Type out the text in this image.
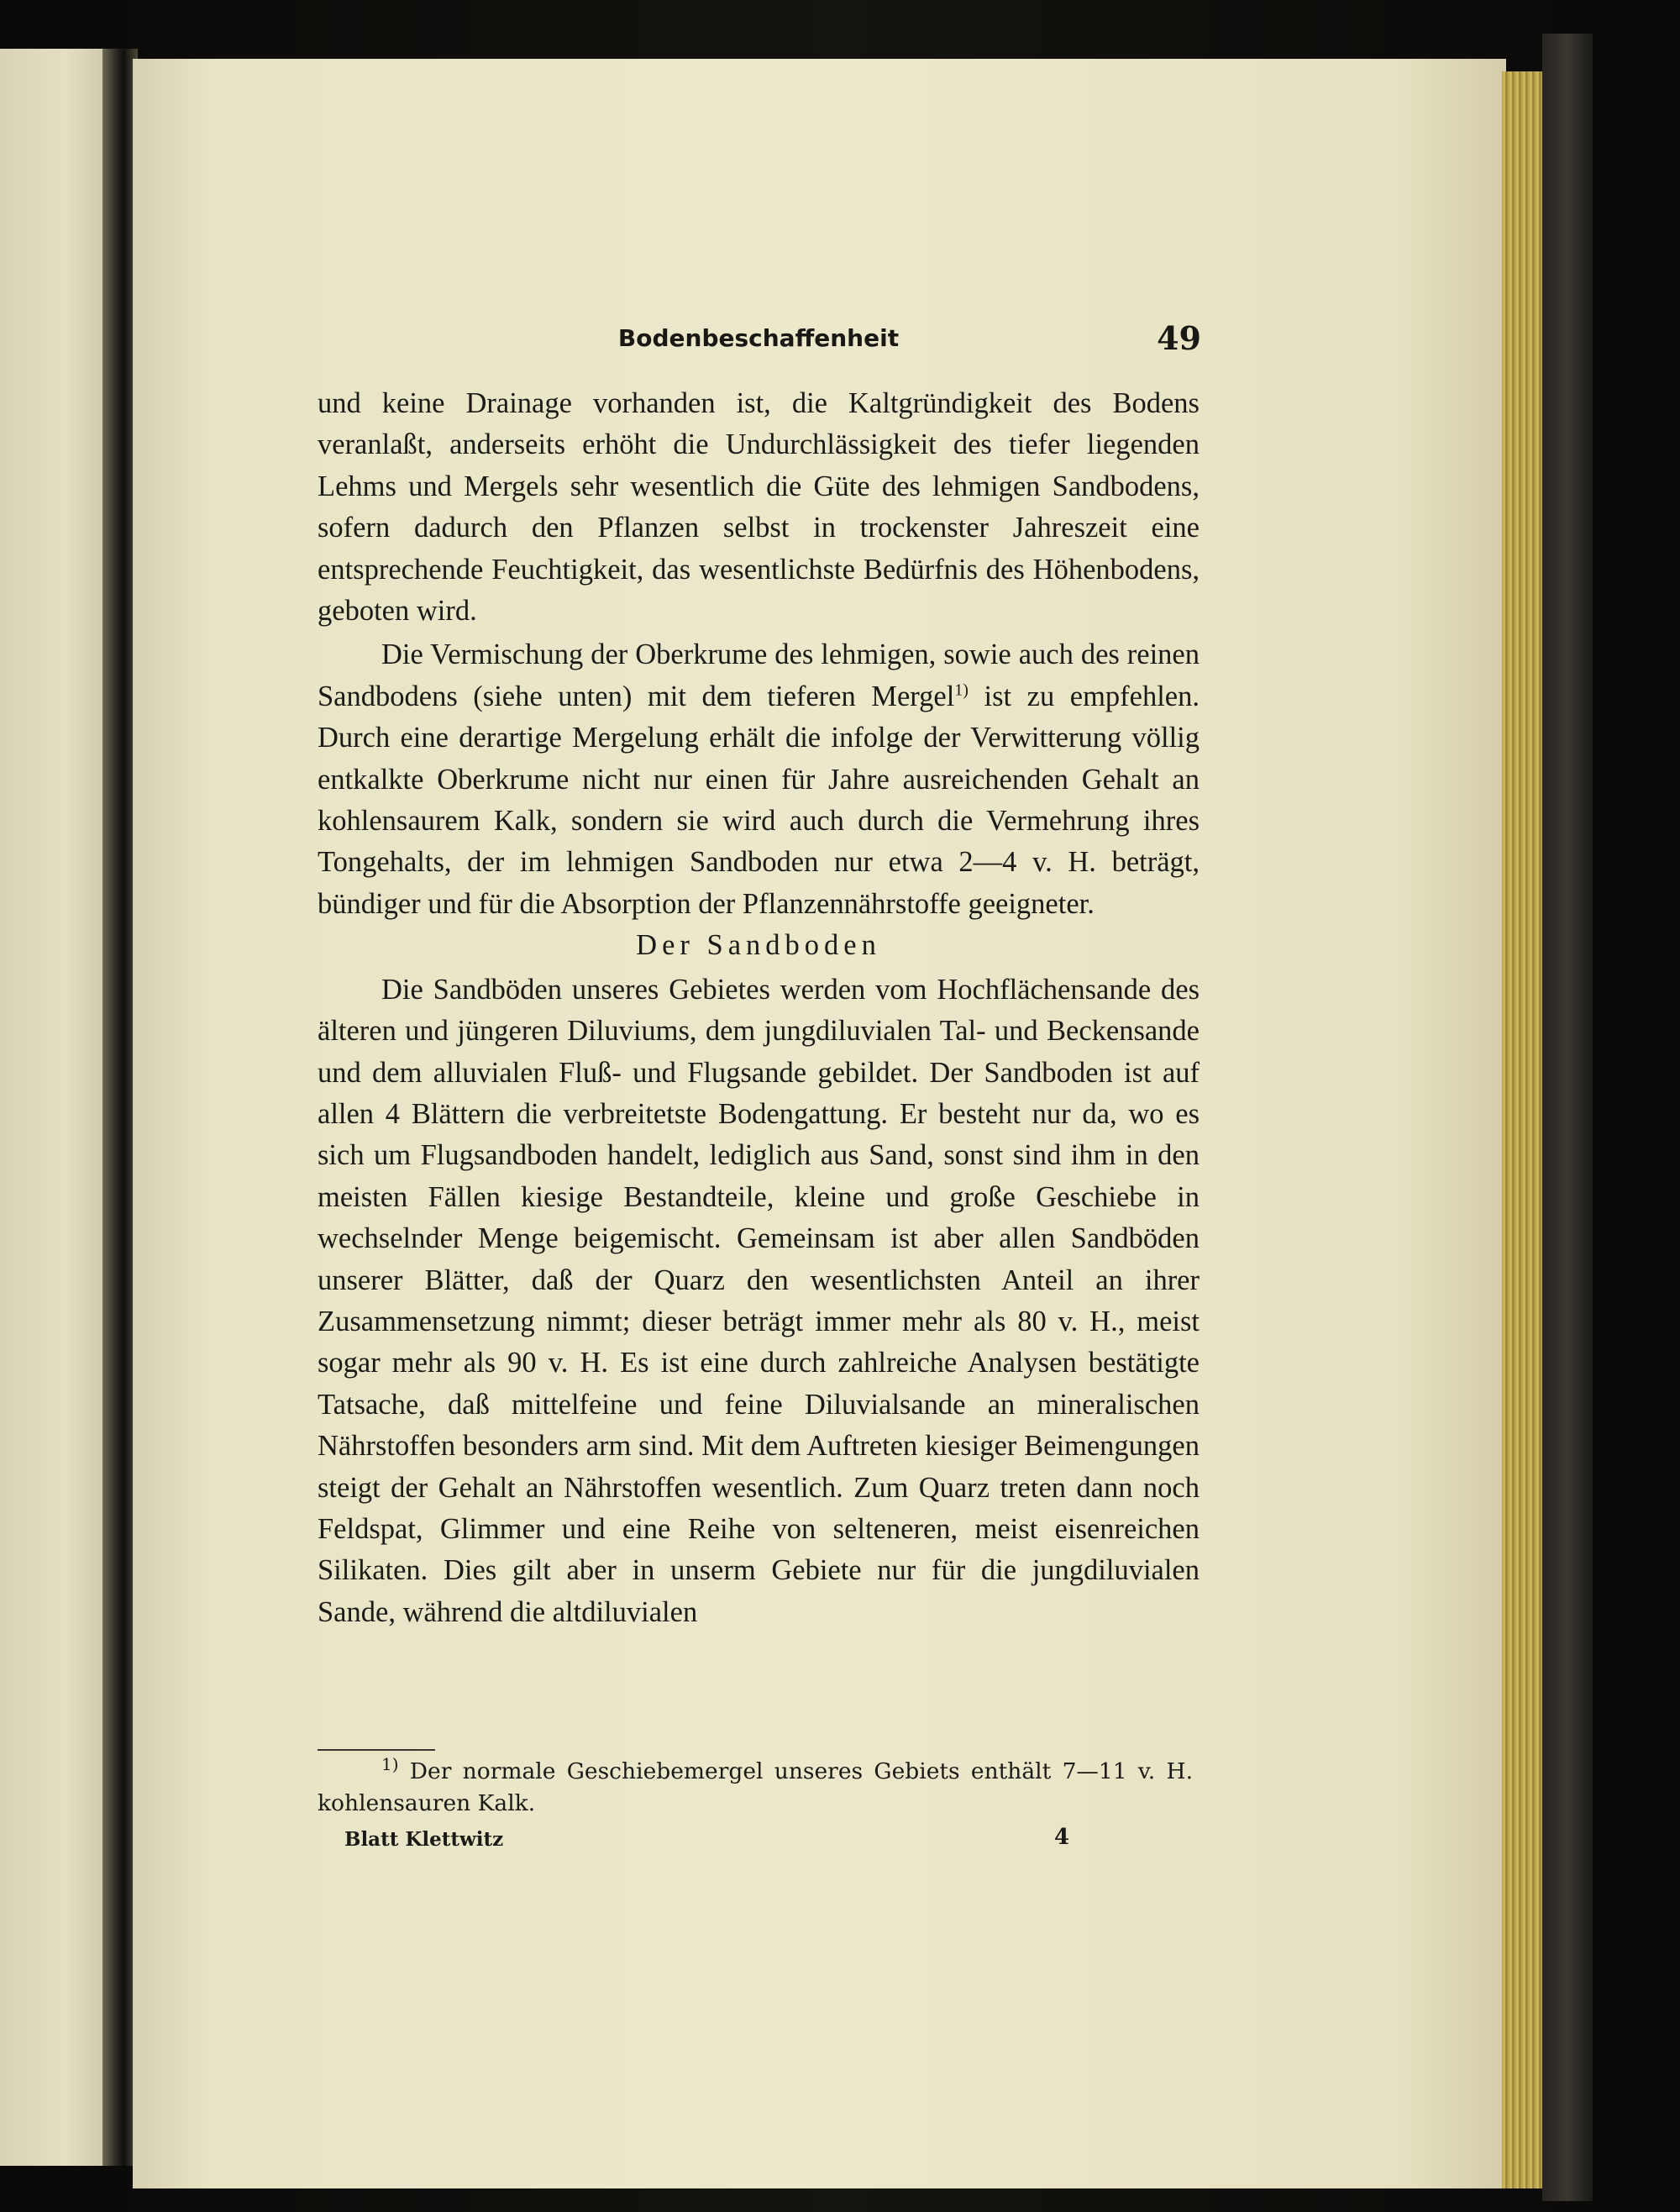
Bodenbeschaffenheit	49

und keine Drainage vorhanden ist, die Kaltgründigkeit des Bodens veranlaßt, anderseits erhöht die Undurchlässigkeit des tiefer liegenden Lehms und Mergels sehr wesentlich die Güte des lehmigen Sandbodens, sofern dadurch den Pflanzen selbst in trockenster Jahreszeit eine entsprechende Feuchtigkeit, das wesentlichste Bedürfnis des Höhenbodens, geboten wird.

Die Vermischung der Oberkrume des lehmigen, sowie auch des reinen Sandbodens (siehe unten) mit dem tieferen Mergel$^{1)}$ ist zu empfehlen. Durch eine derartige Mergelung erhält die infolge der Verwitterung völlig entkalkte Oberkrume nicht nur einen für Jahre ausreichenden Gehalt an kohlensaurem Kalk, sondern sie wird auch durch die Vermehrung ihres Tongehalts, der im lehmigen Sandboden nur etwa 2—4 v. H. beträgt, bündiger und für die Absorption der Pflanzennährstoffe geeigneter.

Der Sandboden

Die Sandböden unseres Gebietes werden vom Hochflächensande des älteren und jüngeren Diluviums, dem jungdiluvialen Tal- und Beckensande und dem alluvialen Fluß- und Flugsande gebildet. Der Sandboden ist auf allen 4 Blättern die verbreitetste Bodengattung. Er besteht nur da, wo es sich um Flugsandboden handelt, lediglich aus Sand, sonst sind ihm in den meisten Fällen kiesige Bestandteile, kleine und große Geschiebe in wechselnder Menge beigemischt. Gemeinsam ist aber allen Sandböden unserer Blätter, daß der Quarz den wesentlichsten Anteil an ihrer Zusammensetzung nimmt; dieser beträgt immer mehr als 80 v. H., meist sogar mehr als 90 v. H. Es ist eine durch zahlreiche Analysen bestätigte Tatsache, daß mittelfeine und feine Diluvialsande an mineralischen Nährstoffen besonders arm sind. Mit dem Auftreten kiesiger Beimengungen steigt der Gehalt an Nährstoffen wesentlich. Zum Quarz treten dann noch Feldspat, Glimmer und eine Reihe von selteneren, meist eisenreichen Silikaten. Dies gilt aber in unserm Gebiete nur für die jungdiluvialen Sande, während die altdiluvialen

$^{1)}$ Der normale Geschiebemergel unseres Gebiets enthält 7—11 v. H. kohlensauren Kalk.
Blatt Klettwitz	4
